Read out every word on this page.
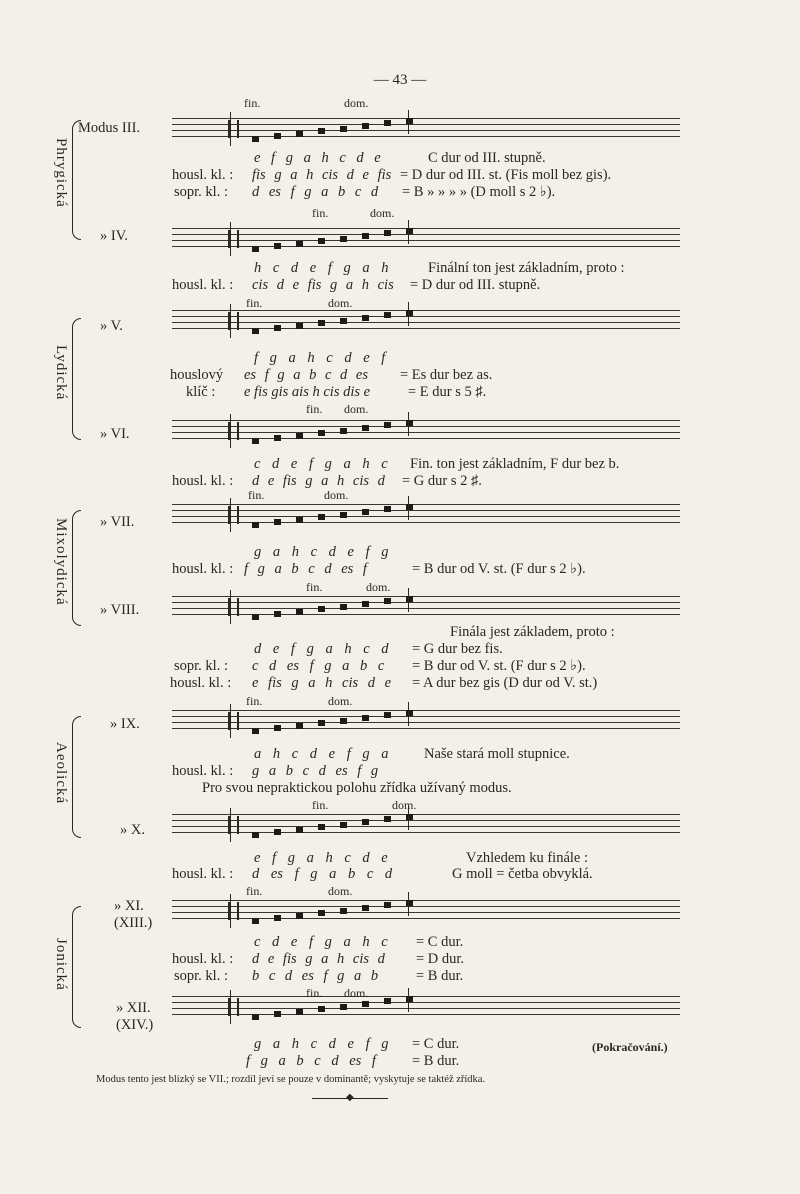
— 43 —
Phrygická
Lydická
Mixolydická
Aeolická
Jonická
fin.	dom.
Modus III.
e f g a h c d e	C dur od III. stupně.
housl. kl. : fis g a h cis d e fis = D dur od III. st. (Fis moll bez gis).
sopr. kl. : d es f g a b c d = B » » » » (D moll s 2 ♭).
fin.	dom.
» IV.
h c d e f g a h	Finální ton jest základním, proto :
housl. kl. : cis d e fis g a h cis = D dur od III. stupně.
fin.	dom.
» V.
f g a h c d e f
houslový es f g a b c d es = Es dur bez as.
klíč : e fis gis ais h cis dis e	= E dur s 5 ♯.
fin. dom.
» VI.
c d e f g a h c Fin. ton jest základním, F dur bez b.
housl. kl. : d e fis g a h cis d = G dur s 2 ♯.
fin.	dom.
» VII.
g a h c d e f g
housl. kl. : f g a b c d es f	= B dur od V. st. (F dur s 2 ♭).
fin.	dom.
» VIII.
Finála jest základem, proto :
d e f g a h c d = G dur bez fis.
sopr. kl. : c d es f g a b c = B dur od V. st. (F dur s 2 ♭).
housl. kl. : e fis g a h cis d e = A dur bez gis (D dur od V. st.)
fin.	dom.
» IX.
a h c d e f g a Naše stará moll stupnice.
housl. kl. : g a b c d es f g
Pro svou nepraktickou polohu zřídka užívaný modus.
fin.	dom.
» X.
e f g a h c d e	Vzhledem ku finále :
housl. kl. : d es f g a b c d	G moll = četba obvyklá.
fin.	dom.
» XI.
(XIII.)
c d e f g a h c = C dur.
housl. kl. : d e fis g a h cis d = D dur.
sopr. kl. : b c d es f g a b	= B dur.
fin. dom.
» XII.
(XIV.)
g a h c d e f g = C dur.	(Pokračování.)
f g a b c d es f = B dur.
Modus tento jest blízký se VII.; rozdíl jeví se pouze v dominantě; vyskytuje se taktéž zřídka.
◆
